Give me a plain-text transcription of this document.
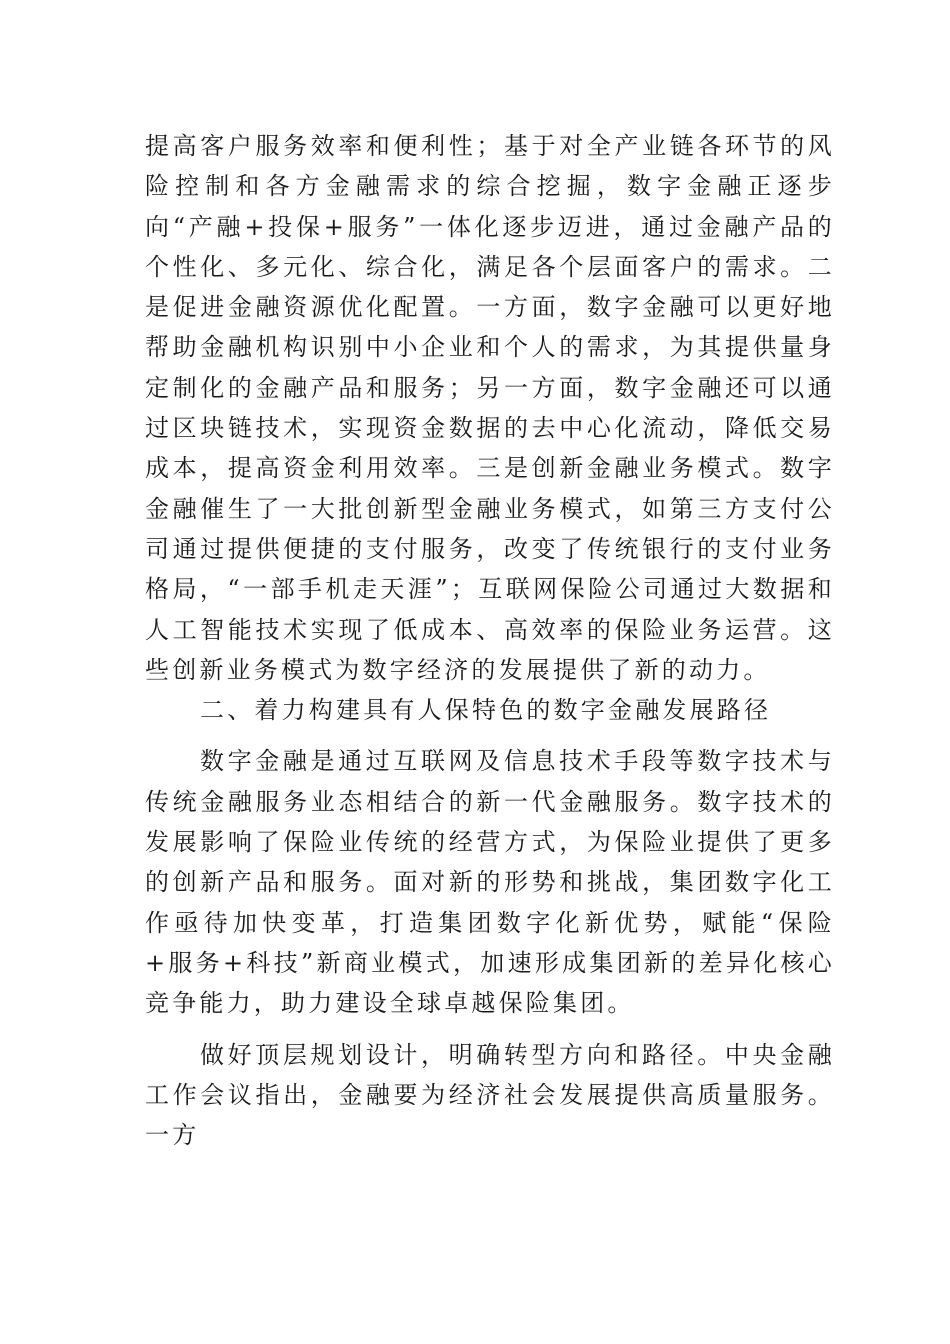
提高客户服务效率和便利性；基于对全产业链各环节的风险控制和各方金融需求的综合挖掘，数字金融正逐步向“产融+投保+服务”一体化逐步迈进，通过金融产品的个性化、多元化、综合化，满足各个层面客户的需求。二是促进金融资源优化配置。一方面，数字金融可以更好地帮助金融机构识别中小企业和个人的需求，为其提供量身定制化的金融产品和服务；另一方面，数字金融还可以通过区块链技术，实现资金数据的去中心化流动，降低交易成本，提高资金利用效率。三是创新金融业务模式。数字金融催生了一大批创新型金融业务模式，如第三方支付公司通过提供便捷的支付服务，改变了传统银行的支付业务格局，“一部手机走天涯”；互联网保险公司通过大数据和人工智能技术实现了低成本、高效率的保险业务运营。这些创新业务模式为数字经济的发展提供了新的动力。

二、着力构建具有人保特色的数字金融发展路径

数字金融是通过互联网及信息技术手段等数字技术与传统金融服务业态相结合的新一代金融服务。数字技术的发展影响了保险业传统的经营方式，为保险业提供了更多的创新产品和服务。面对新的形势和挑战，集团数字化工作亟待加快变革，打造集团数字化新优势，赋能“保险+服务+科技”新商业模式，加速形成集团新的差异化核心竞争能力，助力建设全球卓越保险集团。

做好顶层规划设计，明确转型方向和路径。中央金融工作会议指出，金融要为经济社会发展提供高质量服务。一方
